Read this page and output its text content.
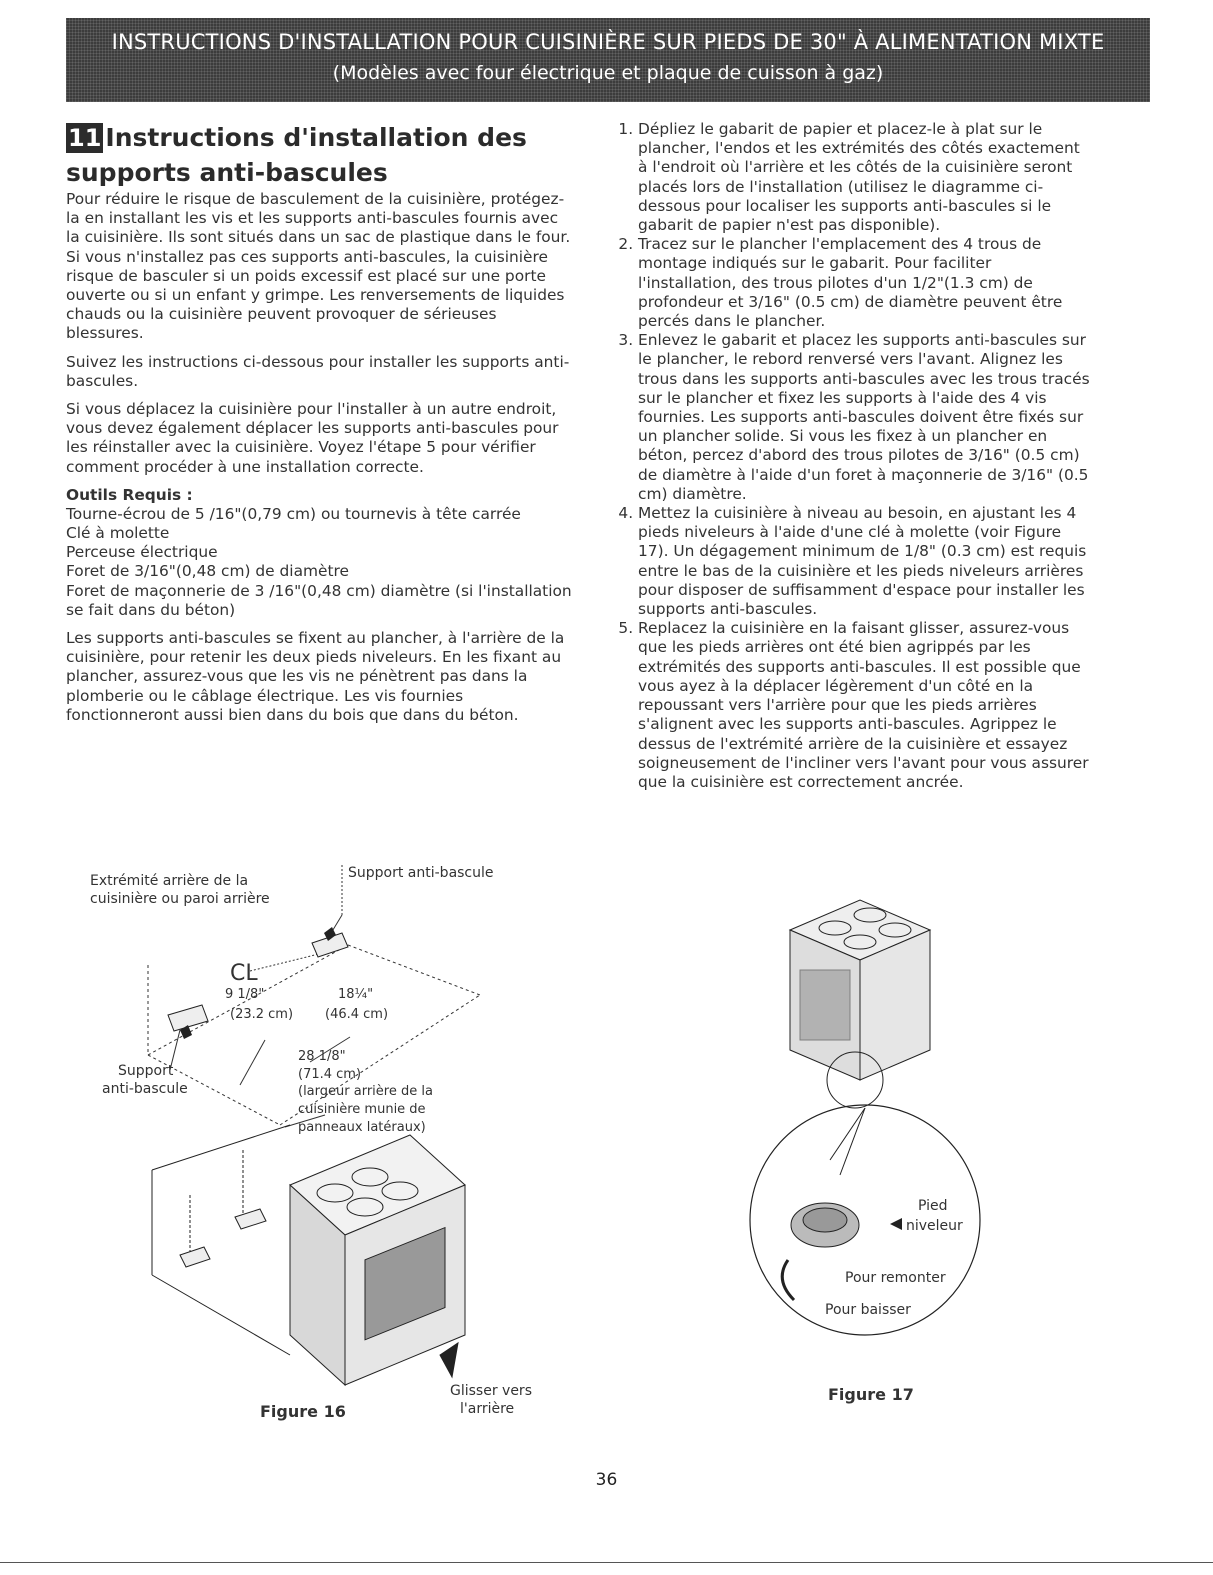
INSTRUCTIONS D'INSTALLATION POUR CUISINIÈRE SUR PIEDS DE 30" À ALIMENTATION MIXTE
(Modèles avec four électrique et plaque de cuisson à gaz)
11 Instructions d'installation des
supports anti-bascules

Pour réduire le risque de basculement de la cuisinière, protégez-la en installant les vis et les supports anti-bascules fournis avec la cuisinière. Ils sont situés dans un sac de plastique dans le four. Si vous n'installez pas ces supports anti-bascules, la cuisinière risque de basculer si un poids excessif est placé sur une porte ouverte ou si un enfant y grimpe. Les renversements de liquides chauds ou la cuisinière peuvent provoquer de sérieuses blessures.

Suivez les instructions ci-dessous pour installer les supports anti-bascules.

Si vous déplacez la cuisinière pour l'installer à un autre endroit, vous devez également déplacer les supports anti-bascules pour les réinstaller avec la cuisinière. Voyez l'étape 5 pour vérifier comment procéder à une installation correcte.

Outils Requis :
Tourne-écrou de 5 /16"(0,79 cm) ou tournevis à tête carrée
Clé à molette
Perceuse électrique
Foret de 3/16"(0,48 cm) de diamètre
Foret de maçonnerie de 3 /16"(0,48 cm) diamètre (si l'installation se fait dans du béton)

Les supports anti-bascules se fixent au plancher, à l'arrière de la cuisinière, pour retenir les deux pieds niveleurs. En les fixant au plancher, assurez-vous que les vis ne pénètrent pas dans la plomberie ou le câblage électrique. Les vis fournies fonctionneront aussi bien dans du bois que dans du béton.

1. Dépliez le gabarit de papier et placez-le à plat sur le plancher, l'endos et les extrémités des côtés exactement à l'endroit où l'arrière et les côtés de la cuisinière seront placés lors de l'installation (utilisez le diagramme ci-dessous pour localiser les supports anti-bascules si le gabarit de papier n'est pas disponible).
2. Tracez sur le plancher l'emplacement des 4 trous de montage indiqués sur le gabarit. Pour faciliter l'installation, des trous pilotes d'un 1/2"(1.3 cm) de profondeur et 3/16" (0.5 cm) de diamètre peuvent être percés dans le plancher.
3. Enlevez le gabarit et placez les supports anti-bascules sur le plancher, le rebord renversé vers l'avant. Alignez les trous dans les supports anti-bascules avec les trous tracés sur le plancher et fixez les supports à l'aide des 4 vis fournies. Les supports anti-bascules doivent être fixés sur un plancher solide. Si vous les fixez à un plancher en béton, percez d'abord des trous pilotes de 3/16" (0.5 cm) de diamètre à l'aide d'un foret à maçonnerie de 3/16" (0.5 cm) diamètre.
4. Mettez la cuisinière à niveau au besoin, en ajustant les 4 pieds niveleurs à l'aide d'une clé à molette (voir Figure 17). Un dégagement minimum de 1/8" (0.3 cm) est requis entre le bas de la cuisinière et les pieds niveleurs arrières pour disposer de suffisamment d'espace pour installer les supports anti-bascules.
5. Replacez la cuisinière en la faisant glisser, assurez-vous que les pieds arrières ont été bien agrippés par les extrémités des supports anti-bascules. Il est possible que vous ayez à la déplacer légèrement d'un côté en la repoussant vers l'arrière pour que les pieds arrières s'alignent avec les supports anti-bascules. Agrippez le dessus de l'extrémité arrière de la cuisinière et essayez soigneusement de l'incliner vers l'avant pour vous assurer que la cuisinière est correctement ancrée.
Extrémité arrière de la
cuisinière ou paroi arrière
Support anti-bascule
CL
9 1/8"
(23.2 cm)
18¼"
(46.4 cm)
28 1/8"
(71.4 cm)
(largeur arrière de la
cuisinière munie de
panneaux latéraux)
Support
anti-bascule
Figure 16
Glisser vers
l'arrière
Pied
niveleur
Pour remonter
Pour baisser
Figure 17
36
